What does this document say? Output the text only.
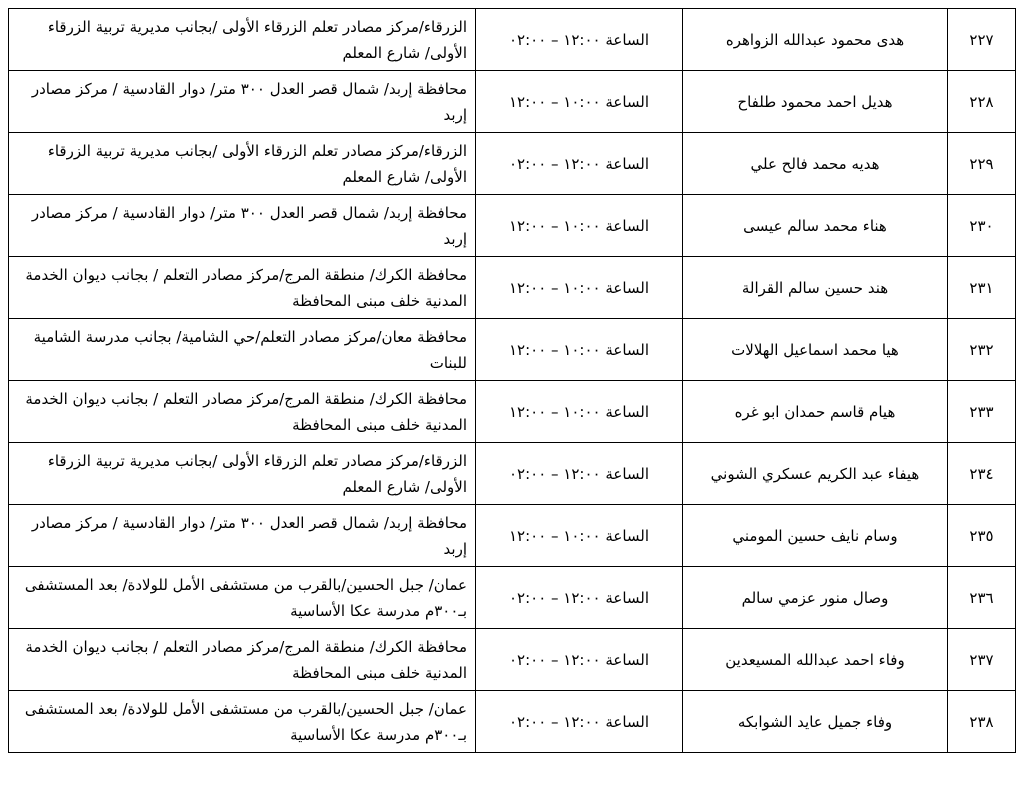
٢٢٧	هدى محمود عبدالله الزواهره	الساعة ١٢:٠٠ – ٠٢:٠٠	الزرقاء/مركز مصادر تعلم الزرقاء الأولى /بجانب مديرية تربية الزرقاء الأولى/ شارع المعلم
٢٢٨	هديل احمد محمود طلفاح	الساعة ١٠:٠٠ – ١٢:٠٠	محافظة إربد/ شمال قصر العدل ٣٠٠ متر/ دوار القادسية / مركز مصادر إربد
٢٢٩	هديه محمد فالح علي	الساعة ١٢:٠٠ – ٠٢:٠٠	الزرقاء/مركز مصادر تعلم الزرقاء الأولى /بجانب مديرية تربية الزرقاء الأولى/ شارع المعلم
٢٣٠	هناء محمد سالم عيسى	الساعة ١٠:٠٠ – ١٢:٠٠	محافظة إربد/ شمال قصر العدل ٣٠٠ متر/ دوار القادسية / مركز مصادر إربد
٢٣١	هند حسين سالم القرالة	الساعة ١٠:٠٠ – ١٢:٠٠	محافظة الكرك/ منطقة المرج/مركز مصادر التعلم / بجانب ديوان الخدمة المدنية خلف مبنى المحافظة
٢٣٢	هيا محمد اسماعيل الهلالات	الساعة ١٠:٠٠ – ١٢:٠٠	محافظة معان/مركز مصادر التعلم/حي الشامية/ بجانب مدرسة الشامية للبنات
٢٣٣	هيام قاسم حمدان ابو غره	الساعة ١٠:٠٠ – ١٢:٠٠	محافظة الكرك/ منطقة المرج/مركز مصادر التعلم / بجانب ديوان الخدمة المدنية خلف مبنى المحافظة
٢٣٤	هيفاء عبد الكريم عسكري الشوني	الساعة ١٢:٠٠ – ٠٢:٠٠	الزرقاء/مركز مصادر تعلم الزرقاء الأولى /بجانب مديرية تربية الزرقاء الأولى/ شارع المعلم
٢٣٥	وسام نايف حسين المومني	الساعة ١٠:٠٠ – ١٢:٠٠	محافظة إربد/ شمال قصر العدل ٣٠٠ متر/ دوار القادسية / مركز مصادر إربد
٢٣٦	وصال منور عزمي سالم	الساعة ١٢:٠٠ – ٠٢:٠٠	عمان/ جبل الحسين/بالقرب من مستشفى الأمل للولادة/ بعد المستشفى بـ٣٠٠م مدرسة عكا الأساسية
٢٣٧	وفاء احمد عبدالله المسيعدين	الساعة ١٢:٠٠ – ٠٢:٠٠	محافظة الكرك/ منطقة المرج/مركز مصادر التعلم / بجانب ديوان الخدمة المدنية خلف مبنى المحافظة
٢٣٨	وفاء جميل عايد الشوابكه	الساعة ١٢:٠٠ – ٠٢:٠٠	عمان/ جبل الحسين/بالقرب من مستشفى الأمل للولادة/ بعد المستشفى بـ٣٠٠م مدرسة عكا الأساسية
